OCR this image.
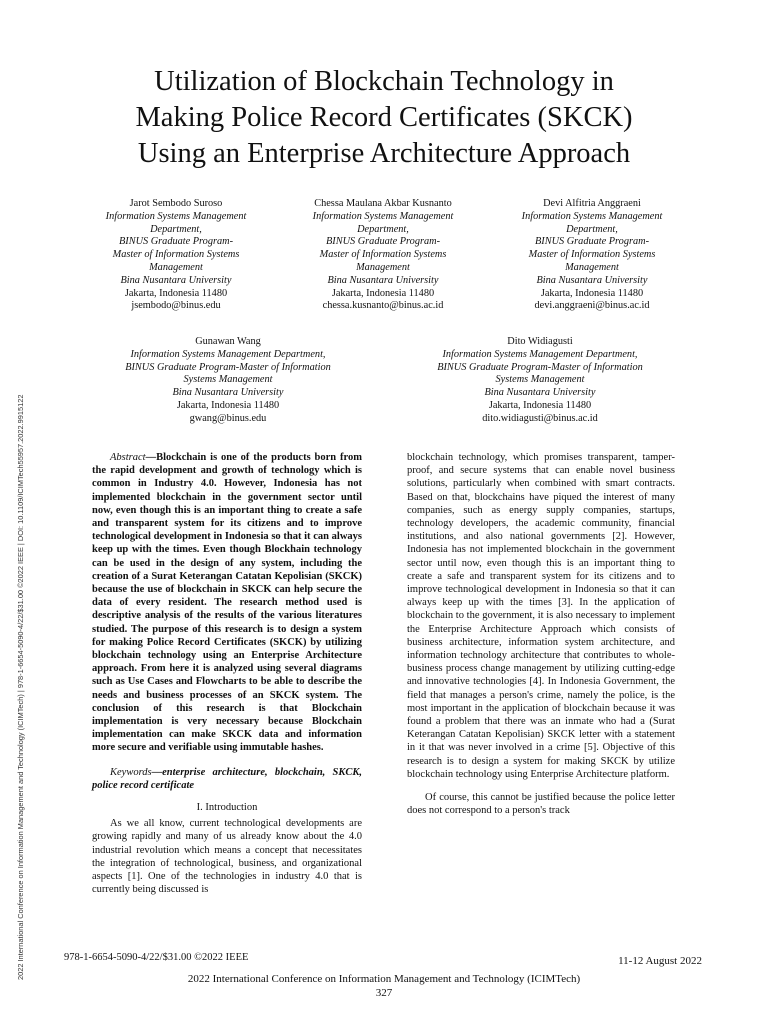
2022 International Conference on Information Management and Technology (ICIMTech) | 978-1-6654-5090-4/22/$31.00 ©2022 IEEE | DOI: 10.1109/ICIMTech55957.2022.9915122
Utilization of Blockchain Technology in
Making Police Record Certificates (SKCK)
Using an Enterprise Architecture Approach
Jarot Sembodo Suroso
Information Systems Management
Department,
BINUS Graduate Program-
Master of Information Systems
Management
Bina Nusantara University
Jakarta, Indonesia 11480
jsembodo@binus.edu
Chessa Maulana Akbar Kusnanto
Information Systems Management
Department,
BINUS Graduate Program-
Master of Information Systems
Management
Bina Nusantara University
Jakarta, Indonesia 11480
chessa.kusnanto@binus.ac.id
Devi Alfitria Anggraeni
Information Systems Management
Department,
BINUS Graduate Program-
Master of Information Systems
Management
Bina Nusantara University
Jakarta, Indonesia 11480
devi.anggraeni@binus.ac.id
Gunawan Wang
Information Systems Management Department,
BINUS Graduate Program-Master of Information
Systems Management
Bina Nusantara University
Jakarta, Indonesia 11480
gwang@binus.edu
Dito Widiagusti
Information Systems Management Department,
BINUS Graduate Program-Master of Information
Systems Management
Bina Nusantara University
Jakarta, Indonesia 11480
dito.widiagusti@binus.ac.id

Abstract—Blockchain is one of the products born from the rapid development and growth of technology which is common in Industry 4.0. However, Indonesia has not implemented blockchain in the government sector until now, even though this is an important thing to create a safe and transparent system for its citizens and to improve technological development in Indonesia so that it can always keep up with the times. Even though Blockhain technology can be used in the design of any system, including the creation of a Surat Keterangan Catatan Kepolisian (SKCK) because the use of blockchain in SKCK can help secure the data of every resident. The research method used is descriptive analysis of the results of the various literatures studied. The purpose of this research is to design a system for making Police Record Certificates (SKCK) by utilizing blockchain technology using an Enterprise Architecture approach. From here it is analyzed using several diagrams such as Use Cases and Flowcharts to be able to describe the needs and business processes of an SKCK system. The conclusion of this research is that Blockchain implementation is very necessary because Blockchain implementation can make SKCK data and information more secure and verifiable using immutable hashes.

Keywords—enterprise architecture, blockchain, SKCK, police record certificate

I. Introduction

As we all know, current technological developments are growing rapidly and many of us already know about the 4.0 industrial revolution which means a concept that necessitates the integration of technological, business, and organizational aspects [1]. One of the technologies in industry 4.0 that is currently being discussed is

blockchain technology, which promises transparent, tamper-proof, and secure systems that can enable novel business solutions, particularly when combined with smart contracts. Based on that, blockchains have piqued the interest of many companies, such as energy supply companies, startups, technology developers, the academic community, financial institutions, and also national governments [2]. However, Indonesia has not implemented blockchain in the government sector until now, even though this is an important thing to create a safe and transparent system for its citizens and to improve technological development in Indonesia so that it can always keep up with the times [3]. In the application of blockchain to the government, it is also necessary to implement the Enterprise Architecture Approach which consists of business architecture, information system architecture, and information technology architecture that contributes to whole-business process change management by utilizing cutting-edge and innovative technologies [4]. In Indonesia Government, the field that manages a person's crime, namely the police, is the most important in the application of blockchain because it was found a problem that there was an inmate who had a (Surat Keterangan Catatan Kepolisian) SKCK letter with a statement in it that was never involved in a crime [5]. Objective of this research is to design a system for making SKCK by utilize blockchain technology using Enterprise Architecture platform.

Of course, this cannot be justified because the police letter does not correspond to a person's track

978-1-6654-5090-4/22/$31.00 ©2022 IEEE	11-12 August 2022
2022 International Conference on Information Management and Technology (ICIMTech)
327
